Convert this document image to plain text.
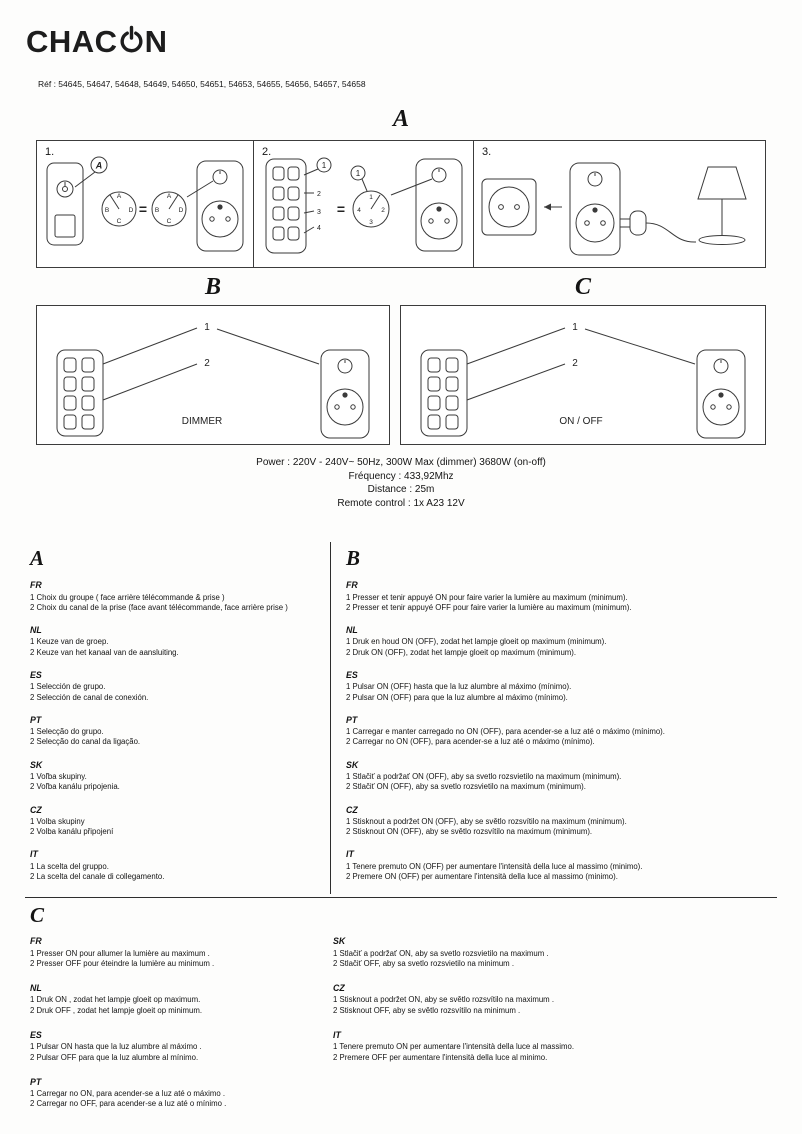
CHAC N
Réf : 54645, 54647, 54648, 54649, 54650, 54651, 54653, 54655, 54656, 54657, 54658
A
1.
A
A
B
C
D =
A
B
C
D
2.
1
2
3
4
=
1
1
2
3
4
3.
B	C
1
2
DIMMER
1
2
ON / OFF
Power : 220V - 240V~ 50Hz, 300W Max (dimmer) 3680W (on-off)
Fréquency : 433,92Mhz
Distance : 25m
Remote control : 1x A23 12V
A	B
FR
1 Choix du groupe ( face arrière télécommande & prise )
2 Choix du canal de la prise (face avant télécommande, face arrière prise )
NL
1 Keuze van de groep.
2 Keuze van het kanaal van de aansluiting.
ES
1 Selección de grupo.
2 Selección de canal de conexión.
PT
1 Selecção do grupo.
2 Selecção do canal da ligação.
SK
1 Voľba skupiny.
2 Voľba kanálu pripojenia.
CZ
1 Volba skupiny
2 Volba kanálu připojení
IT
1 La scelta del gruppo.
2 La scelta del canale di collegamento.
FR
1 Presser et tenir appuyé ON pour faire varier la lumière au maximum (minimum).
2 Presser et tenir appuyé OFF pour faire varier la lumière au maximum (minimum).
NL
1 Druk en houd ON (OFF), zodat het lampje gloeit op maximum (minimum).
2 Druk ON (OFF), zodat het lampje gloeit op maximum (minimum).
ES
1 Pulsar ON (OFF) hasta que la luz alumbre al máximo (mínimo).
2 Pulsar ON (OFF) para que la luz alumbre al máximo (mínimo).
PT
1 Carregar e manter carregado no ON (OFF), para acender-se a luz até o máximo (mínimo).
2 Carregar no ON (OFF), para acender-se a luz até o máximo (mínimo).
SK
1 Stlačiť a podržať ON (OFF), aby sa svetlo rozsvietilo na maximum (minimum).
2 Stlačiť ON (OFF), aby sa svetlo rozsvietilo na maximum (minimum).
CZ
1 Stisknout a podržet ON (OFF), aby se světlo rozsvítilo na maximum (minimum).
2 Stisknout ON (OFF), aby se světlo rozsvítilo na maximum (minimum).
IT
1 Tenere premuto ON (OFF) per aumentare l'intensità della luce al massimo (minimo).
2 Premere ON (OFF) per aumentare l'intensità della luce al massimo (minimo).
C
FR
1 Presser ON pour allumer la lumière au maximum .
2 Presser OFF pour éteindre la lumière au minimum .
NL
1 Druk ON , zodat het lampje gloeit op maximum.
2 Druk OFF , zodat het lampje gloeit op minimum.
ES
1 Pulsar ON hasta que la luz alumbre al máximo .
2 Pulsar OFF para que la luz alumbre al mínimo.
PT
1 Carregar no ON, para acender-se a luz até o máximo .
2 Carregar no OFF, para acender-se a luz até o mínimo .
SK
1 Stlačiť a podržať ON, aby sa svetlo rozsvietilo na maximum .
2 Stlačiť OFF, aby sa svetlo rozsvietilo na minimum .
CZ
1 Stisknout a podržet ON, aby se světlo rozsvítilo na maximum .
2 Stisknout OFF, aby se světlo rozsvítilo na minimum .
IT
1 Tenere premuto ON per aumentare l'intensità della luce al massimo.
2 Premere OFF per aumentare l'intensità della luce al minimo.
